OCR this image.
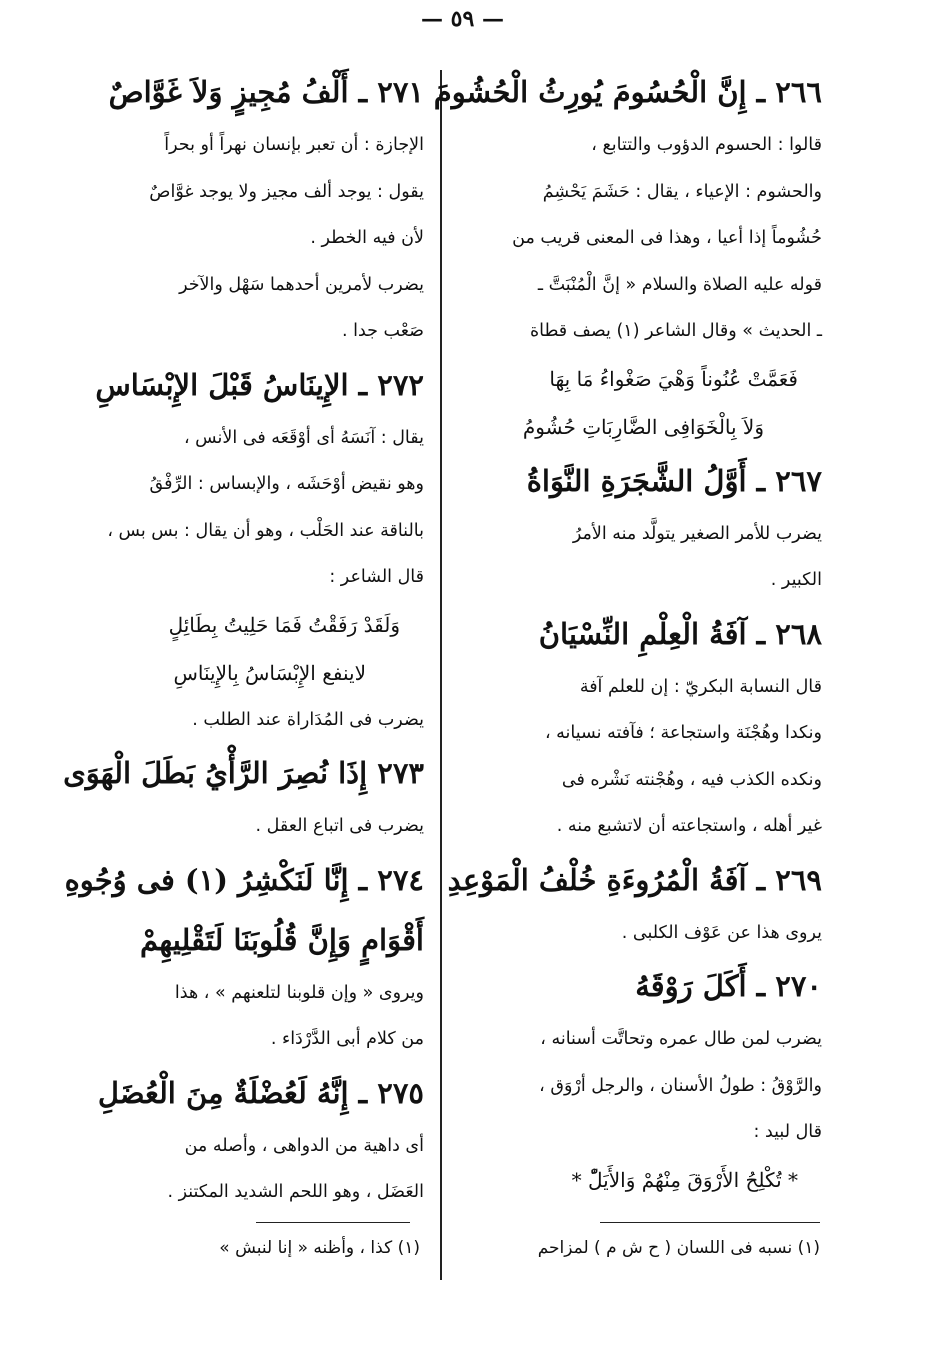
— ٥٩ —

٢٦٦ ـ إِنَّ الْحُسُومَ يُورِثُ الْحُشُومَ

قالوا : الحسوم الدؤوب والتتابع ،

والحشوم : الإعياء ، يقال : حَشَمَ يَحْشِمُ

حُشُوماً إذا أعيا ، وهذا فى المعنى قريب من

قوله عليه الصلاة والسلام « إنَّ الْمُنْبَتَّ ـ

ـ الحديث » وقال الشاعر (١) يصف قطاة

فَعَمَّتْ عُنُوناً وَهْيَ صَغْواءُ مَا بِهَا

وَلاَ بِالْخَوَافِى الضَّارِبَاتِ حُشُومُ

٢٦٧ ـ أَوَّلُ الشَّجَرَةِ النَّوَاةُ

يضرب للأمر الصغير يتولَّد منه الأمرُ

الكبير .

٢٦٨ ـ آفَةُ الْعِلْمِ النِّسْيَانُ

قال النسابة البكريّ : إن للعلم آفة

ونكدا وهُجْنَة واستجاعة ؛ فآفته نسيانه ،

ونكده الكذب فيه ، وهُجْنته نَشْره فى

غير أهله ، واستجاعته أن لاتشبع منه .

٢٦٩ ـ آفَةُ الْمُرُوءَةِ خُلْفُ الْمَوْعِدِ

يروى هذا عن عَوْف الكلبى .

٢٧٠ ـ أَكَلَ رَوْقَهُ

يضرب لمن طال عمره وتحاتَّت أسنانه ،

والرَّوْقُ : طولُ الأسنان ، والرجل أرْوَق ،

قال لبيد :

* تُكْلِحُ الأَرْوَقَ مِنْهُمْ وَالأَيَلّْ *

٢٧١ ـ أَلْفُ مُجِيزٍ وَلاَ غَوَّاصٌ

الإجازة : أن تعبر بإنسان نهراً أو بحراً

يقول : يوجد ألف مجيز ولا يوجد غوَّاصٌ

لأن فيه الخطر .

يضرب لأمرين أحدهما سَهْل والآخر

صَعْب جدا .

٢٧٢ ـ الإِينَاسُ قَبْلَ الإِبْسَاسِ

يقال : آنَسَهُ أى أوْقَعَه فى الأنس ،

وهو نقيض أوْحَشَه ، والإبساس : الرِّفْقُ

بالناقة عند الحَلْب ، وهو أن يقال : بس بس ،

قال الشاعر :

وَلَقَدْ رَفَقْتُ فَمَا حَلِيتُ بِطَائِلٍ

لاينفع الإِبْسَاسُ بِالإِينَاسِ

يضرب فى المُدَاراة عند الطلب .

٢٧٣ إِذَا نُصِرَ الرَّأْيُ بَطَلَ الْهَوَى

يضرب فى اتباع العقل .

٢٧٤ ـ إِنَّا لَنَكْشِرُ (١) فى وُجُوهِ

أَقْوَامٍ وَإِنَّ قُلُوبَنَا لَتَقْلِيهِمْ

ويروى « وإن قلوبنا لتلعنهم » ، هذا

من كلام أبى الدَّرْدَاء .

٢٧٥ ـ إِنَّهُ لَعُضْلَةٌ مِنَ الْعُضَلِ

أى داهية من الدواهى ، وأصله من

العَضَل ، وهو اللحم الشديد المكتنز .

(١) نسبه فى اللسان ( ح ش م ) لمزاحم
(١) كذا ، وأظنه « إنا لنبش »
